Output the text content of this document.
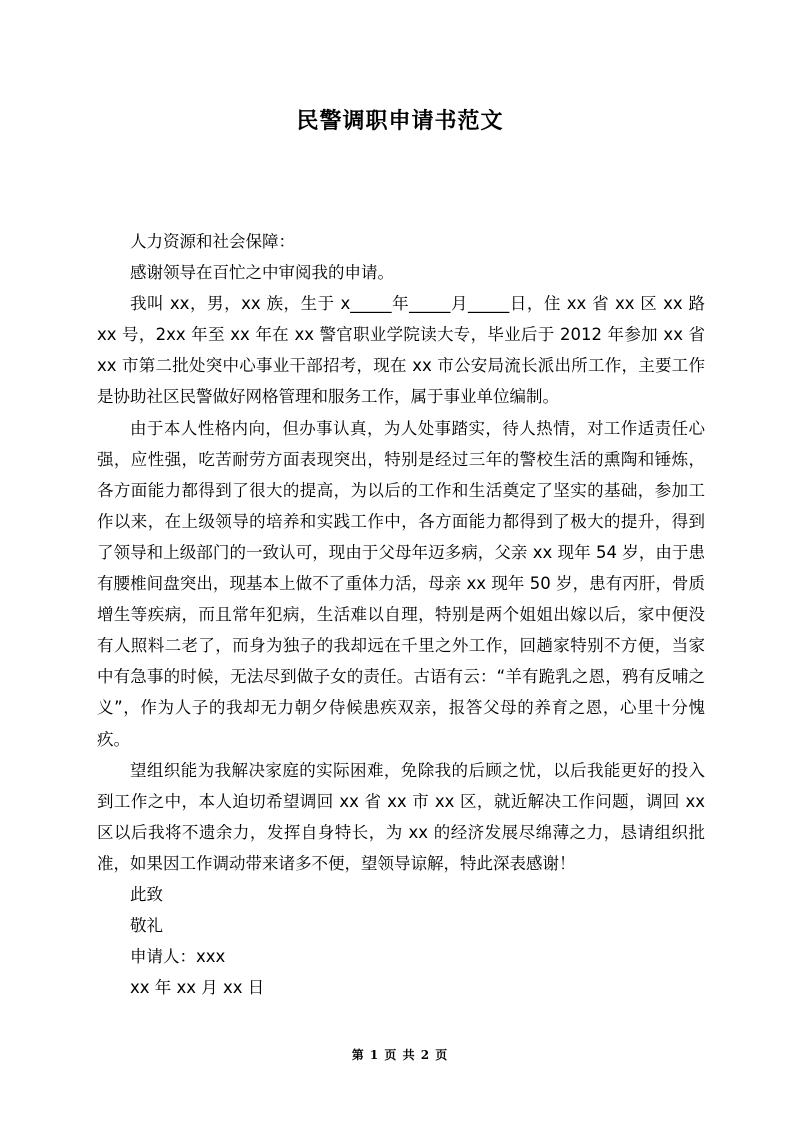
民警调职申请书范文

人力资源和社会保障：

感谢领导在百忙之中审阅我的申请。

我叫 xx，男，xx 族，生于 x_____年_____月_____日，住 xx 省 xx 区 xx 路 xx 号，2xx 年至 xx 年在 xx 警官职业学院读大专，毕业后于 2012 年参加 xx 省 xx 市第二批处突中心事业干部招考，现在 xx 市公安局流长派出所工作，主要工作是协助社区民警做好网格管理和服务工作，属于事业单位编制。

由于本人性格内向，但办事认真，为人处事踏实，待人热情，对工作适责任心强，应性强，吃苦耐劳方面表现突出，特别是经过三年的警校生活的熏陶和锤炼，各方面能力都得到了很大的提高，为以后的工作和生活奠定了坚实的基础，参加工作以来，在上级领导的培养和实践工作中，各方面能力都得到了极大的提升，得到了领导和上级部门的一致认可，现由于父母年迈多病，父亲 xx 现年 54 岁，由于患有腰椎间盘突出，现基本上做不了重体力活，母亲 xx 现年 50 岁，患有丙肝，骨质增生等疾病，而且常年犯病，生活难以自理，特别是两个姐姐出嫁以后，家中便没有人照料二老了，而身为独子的我却远在千里之外工作，回趟家特别不方便，当家中有急事的时候，无法尽到做子女的责任。古语有云：“羊有跪乳之恩，鸦有反哺之义”，作为人子的我却无力朝夕侍候患疾双亲，报答父母的养育之恩，心里十分愧疚。

望组织能为我解决家庭的实际困难，免除我的后顾之忧，以后我能更好的投入到工作之中，本人迫切希望调回 xx 省 xx 市 xx 区，就近解决工作问题，调回 xx 区以后我将不遗余力，发挥自身特长，为 xx 的经济发展尽绵薄之力，恳请组织批准，如果因工作调动带来诸多不便，望领导谅解，特此深表感谢！

此致

敬礼

申请人：xxx

xx 年 xx 月 xx 日

第 1 页 共 2 页
